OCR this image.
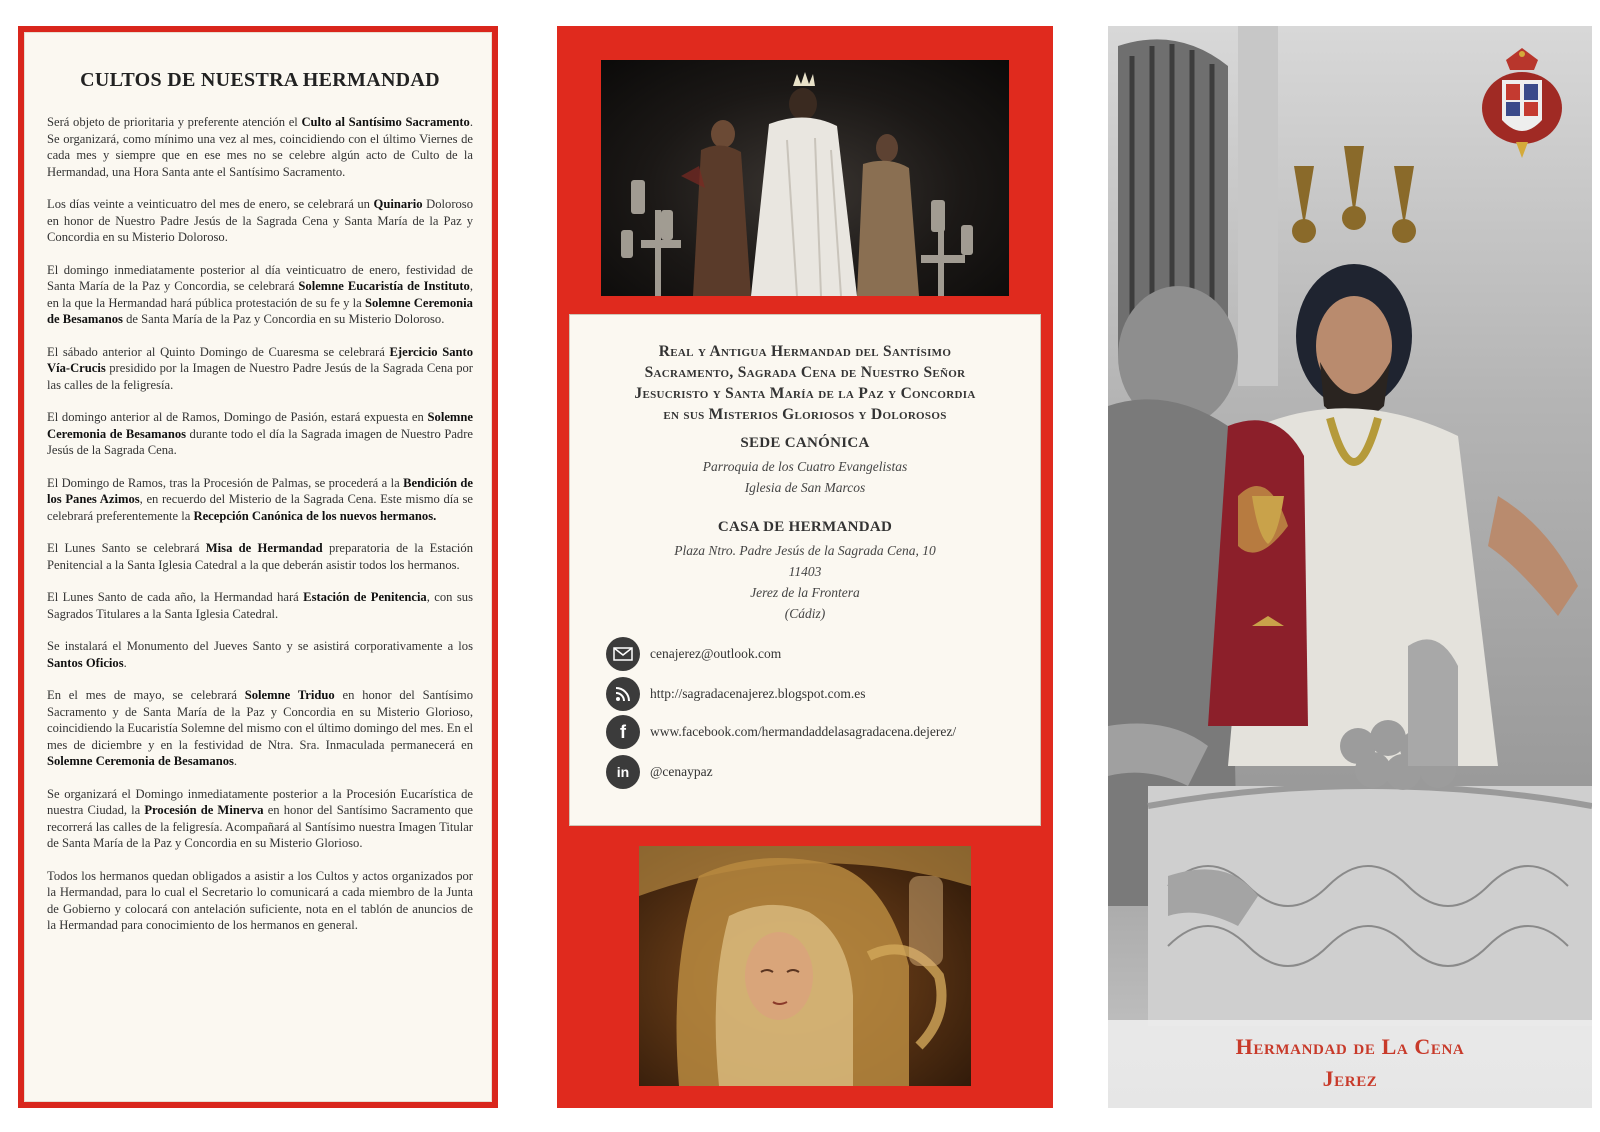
CULTOS DE NUESTRA HERMANDAD

Será objeto de prioritaria y preferente atención el Culto al Santísimo Sacramento. Se organizará, como mínimo una vez al mes, coincidiendo con el último Viernes de cada mes y siempre que en ese mes no se celebre algún acto de Culto de la Hermandad, una Hora Santa ante el Santísimo Sacramento.

Los días veinte a veinticuatro del mes de enero, se celebrará un Quinario Doloroso en honor de Nuestro Padre Jesús de la Sagrada Cena y Santa María de la Paz y Concordia en su Misterio Doloroso.

El domingo inmediatamente posterior al día veinticuatro de enero, festividad de Santa María de la Paz y Concordia, se celebrará Solemne Eucaristía de Instituto, en la que la Hermandad hará pública protestación de su fe y la Solemne Ceremonia de Besamanos de Santa María de la Paz y Concordia en su Misterio Doloroso.

El sábado anterior al Quinto Domingo de Cuaresma se celebrará Ejercicio Santo Vía-Crucis presidido por la Imagen de Nuestro Padre Jesús de la Sagrada Cena por las calles de la feligresía.

El domingo anterior al de Ramos, Domingo de Pasión, estará expuesta en Solemne Ceremonia de Besamanos durante todo el día la Sagrada imagen de Nuestro Padre Jesús de la Sagrada Cena.

El Domingo de Ramos, tras la Procesión de Palmas, se procederá a la Bendición de los Panes Azimos, en recuerdo del Misterio de la Sagrada Cena. Este mismo día se celebrará preferentemente la Recepción Canónica de los nuevos hermanos.

El Lunes Santo se celebrará Misa de Hermandad preparatoria de la Estación Penitencial a la Santa Iglesia Catedral a la que deberán asistir todos los hermanos.

El Lunes Santo de cada año, la Hermandad hará Estación de Penitencia, con sus Sagrados Titulares a la Santa Iglesia Catedral.

Se instalará el Monumento del Jueves Santo y se asistirá corporativamente a los Santos Oficios.

En el mes de mayo, se celebrará Solemne Triduo en honor del Santísimo Sacramento y de Santa María de la Paz y Concordia en su Misterio Glorioso, coincidiendo la Eucaristía Solemne del mismo con el último domingo del mes. En el mes de diciembre y en la festividad de Ntra. Sra. Inmaculada permanecerá en Solemne Ceremonia de Besamanos.

Se organizará el Domingo inmediatamente posterior a la Procesión Eucarística de nuestra Ciudad, la Procesión de Minerva en honor del Santísimo Sacramento que recorrerá las calles de la feligresía. Acompañará al Santísimo nuestra Imagen Titular de Santa María de la Paz y Concordia en su Misterio Glorioso.

Todos los hermanos quedan obligados a asistir a los Cultos y actos organizados por la Hermandad, para lo cual el Secretario lo comunicará a cada miembro de la Junta de Gobierno y colocará con antelación suficiente, nota en el tablón de anuncios de la Hermandad para conocimiento de los hermanos en general.

Real y Antigua Hermandad del Santísimo
Sacramento, Sagrada Cena de Nuestro Señor
Jesucristo y Santa María de la Paz y Concordia
en sus Misterios Gloriosos y Dolorosos
SEDE CANÓNICA
Parroquia de los Cuatro Evangelistas
Iglesia de San Marcos
CASA DE HERMANDAD
Plaza Ntro. Padre Jesús de la Sagrada Cena, 10
11403
Jerez de la Frontera
(Cádiz)
cenajerez@outlook.com
http://sagradacenajerez.blogspot.com.es
f www.facebook.com/hermandaddelasagradacena.dejerez/
in @cenaypaz
Hermandad de La Cena
Jerez
